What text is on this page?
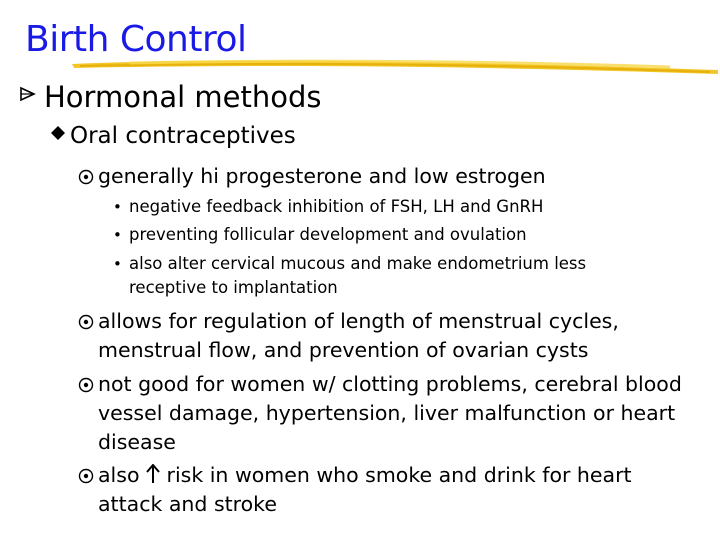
Birth Control
Hormonal methods
Oral contraceptives
generally hi progesterone and low estrogen
• negative feedback inhibition of FSH, LH and GnRH
• preventing follicular development and ovulation
• also alter cervical mucous and make endometrium less receptive to implantation
allows for regulation of length of menstrual cycles, menstrual flow, and prevention of ovarian cysts
not good for women w/ clotting problems, cerebral blood vessel damage, hypertension, liver malfunction or heart disease
also risk in women who smoke and drink for heart attack and stroke
